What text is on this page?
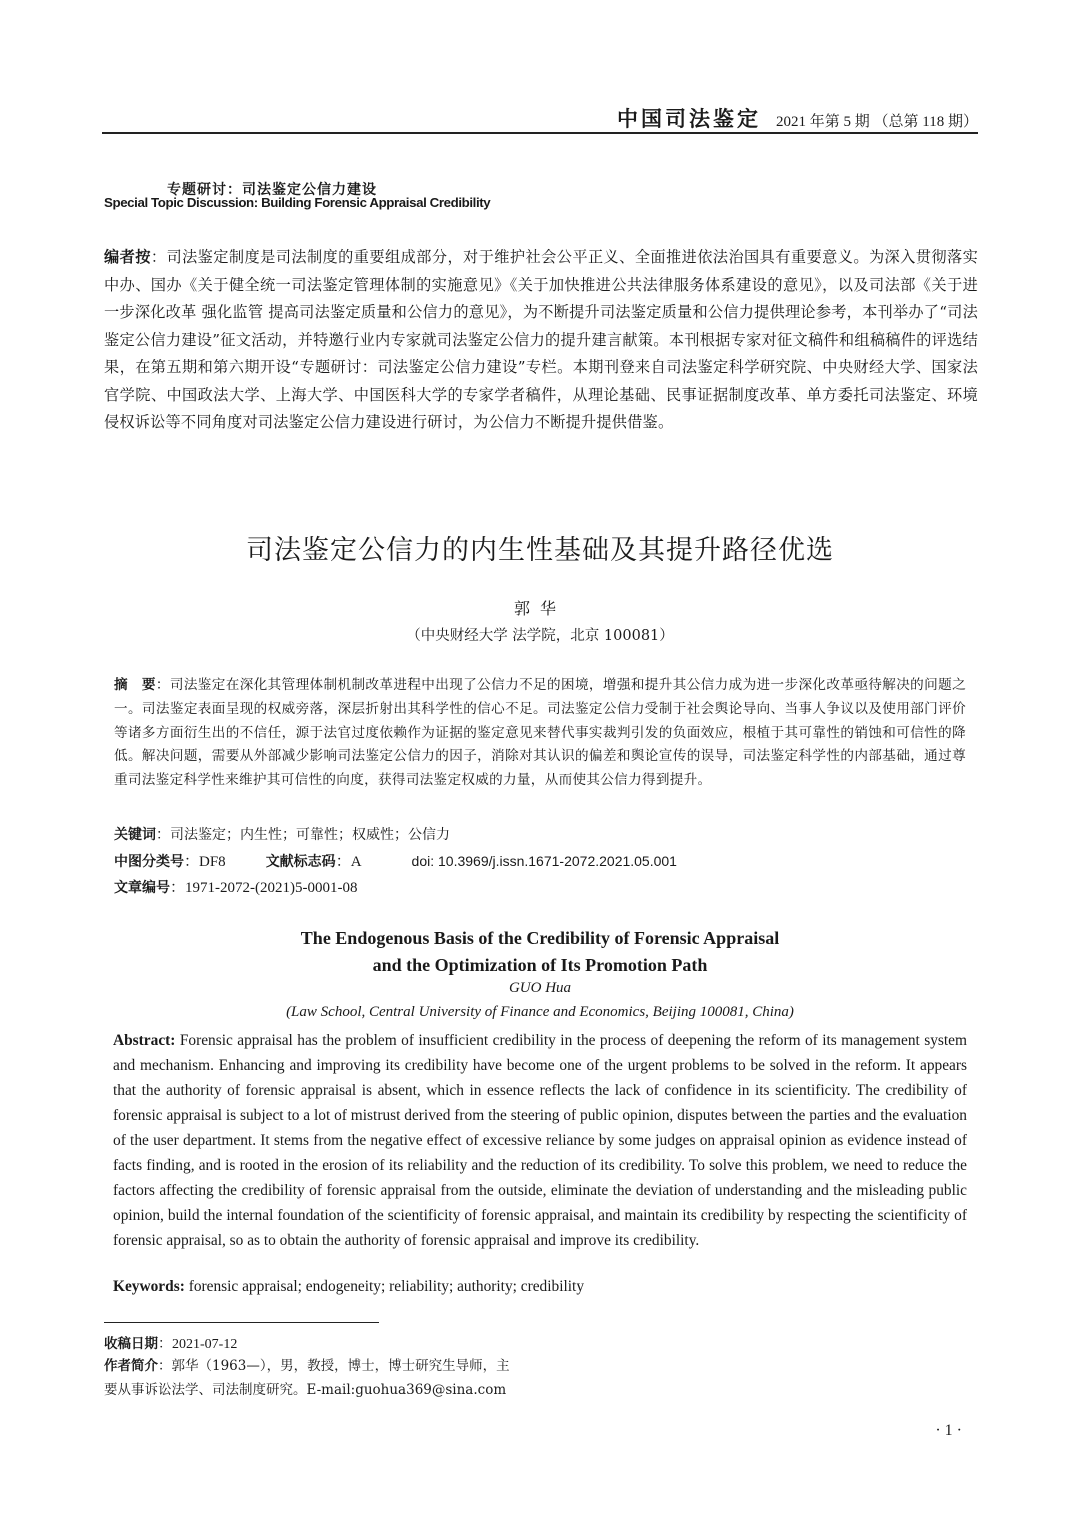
中国司法鉴定 2021 年第 5 期 （总第 118 期）
专题研讨：司法鉴定公信力建设
Special Topic Discussion: Building Forensic Appraisal Credibility
编者按：司法鉴定制度是司法制度的重要组成部分，对于维护社会公平正义、全面推进依法治国具有重要意义。为深入贯彻落实中办、国办《关于健全统一司法鉴定管理体制的实施意见》《关于加快推进公共法律服务体系建设的意见》，以及司法部《关于进一步深化改革 强化监管 提高司法鉴定质量和公信力的意见》，为不断提升司法鉴定质量和公信力提供理论参考，本刊举办了“司法鉴定公信力建设”征文活动，并特邀行业内专家就司法鉴定公信力的提升建言献策。本刊根据专家对征文稿件和组稿稿件的评选结果，在第五期和第六期开设“专题研讨：司法鉴定公信力建设”专栏。本期刊登来自司法鉴定科学研究院、中央财经大学、国家法官学院、中国政法大学、上海大学、中国医科大学的专家学者稿件，从理论基础、民事证据制度改革、单方委托司法鉴定、环境侵权诉讼等不同角度对司法鉴定公信力建设进行研讨，为公信力不断提升提供借鉴。
司法鉴定公信力的内生性基础及其提升路径优选
郭华
（中央财经大学 法学院，北京 100081）
摘　要：司法鉴定在深化其管理体制机制改革进程中出现了公信力不足的困境，增强和提升其公信力成为进一步深化改革亟待解决的问题之一。司法鉴定表面呈现的权威旁落，深层折射出其科学性的信心不足。司法鉴定公信力受制于社会舆论导向、当事人争议以及使用部门评价等诸多方面衍生出的不信任，源于法官过度依赖作为证据的鉴定意见来替代事实裁判引发的负面效应，根植于其可靠性的销蚀和可信性的降低。解决问题，需要从外部减少影响司法鉴定公信力的因子，消除对其认识的偏差和舆论宣传的误导，司法鉴定科学性的内部基础，通过尊重司法鉴定科学性来维护其可信性的向度，获得司法鉴定权威的力量，从而使其公信力得到提升。
关键词：司法鉴定；内生性；可靠性；权威性；公信力
中图分类号：DF8	文献标志码：A	doi: 10.3969/j.issn.1671-2072.2021.05.001
文章编号：1971-2072-(2021)5-0001-08
The Endogenous Basis of the Credibility of Forensic Appraisal
and the Optimization of Its Promotion Path
GUO Hua
(Law School, Central University of Finance and Economics, Beijing 100081, China)
Abstract: Forensic appraisal has the problem of insufficient credibility in the process of deepening the reform of its management system and mechanism. Enhancing and improving its credibility have become one of the urgent problems to be solved in the reform. It appears that the authority of forensic appraisal is absent, which in essence reflects the lack of confidence in its scientificity. The credibility of forensic appraisal is subject to a lot of mistrust derived from the steering of public opinion, disputes between the parties and the evaluation of the user department. It stems from the negative effect of excessive reliance by some judges on appraisal opinion as evidence instead of facts finding, and is rooted in the erosion of its reliability and the reduction of its credibility. To solve this problem, we need to reduce the factors affecting the credibility of forensic appraisal from the outside, eliminate the deviation of understanding and the misleading public opinion, build the internal foundation of the scientificity of forensic appraisal, and maintain its credibility by respecting the scientificity of forensic appraisal, so as to obtain the authority of forensic appraisal and improve its credibility.
Keywords: forensic appraisal; endogeneity; reliability; authority; credibility
收稿日期：2021-07-12
作者简介：郭华（1963—），男，教授，博士，博士研究生导师，主
要从事诉讼法学、司法制度研究。E-mail:guohua369@sina.com
· 1 ·
